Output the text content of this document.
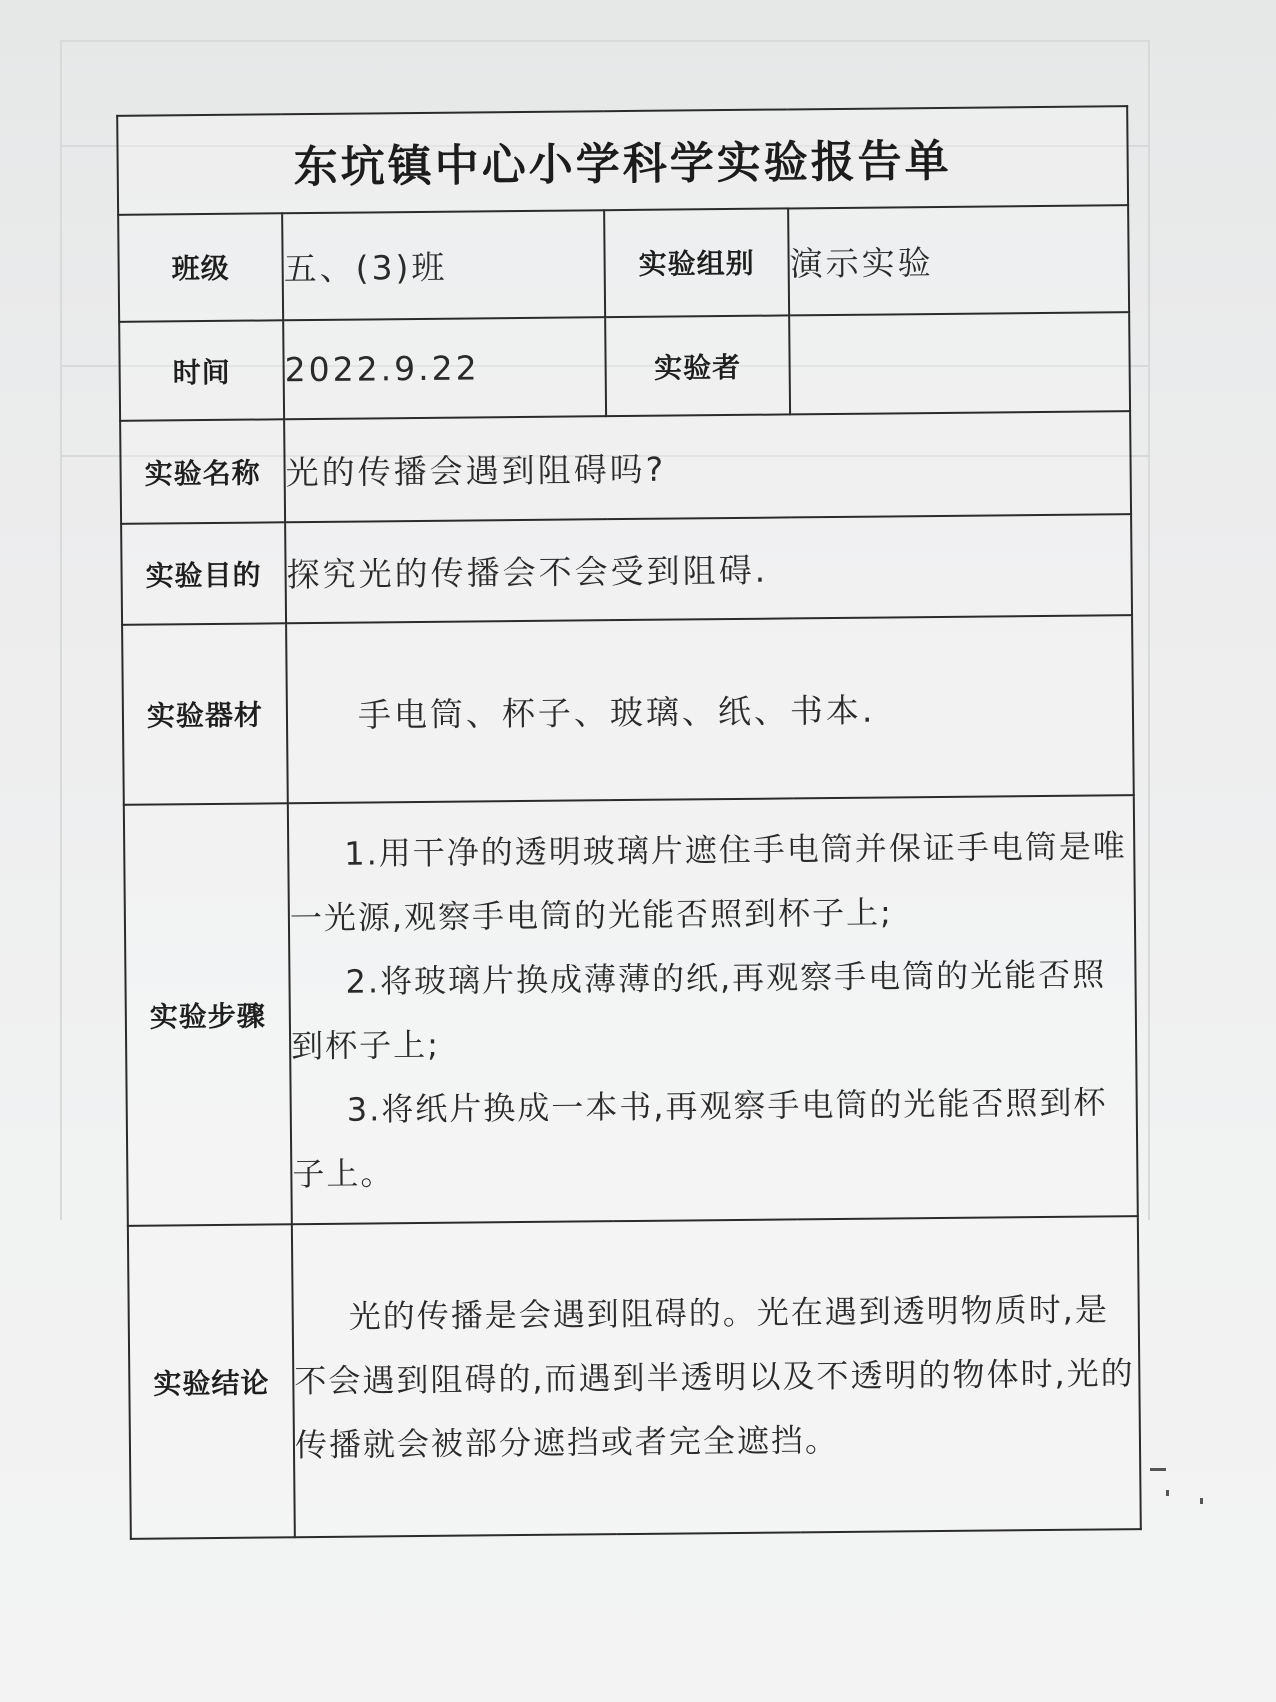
东坑镇中心小学科学实验报告单			
班级	五、(3)班	实验组别	演示实验
时间	2022.9.22	实验者	
实验名称	光的传播会遇到阻碍吗?		
实验目的	探究光的传播会不会受到阻碍.		
实验器材	手电筒、杯子、玻璃、纸、书本.		
实验步骤	1.用干净的透明玻璃片遮住手电筒并保证手电筒是唯一光源,观察手电筒的光能否照到杯子上;

2.将玻璃片换成薄薄的纸,再观察手电筒的光能否照到杯子上;

3.将纸片换成一本书,再观察手电筒的光能否照到杯子上。		

实验结论	光的传播是会遇到阻碍的。光在遇到透明物质时,是不会遇到阻碍的,而遇到半透明以及不透明的物体时,光的传播就会被部分遮挡或者完全遮挡。		
